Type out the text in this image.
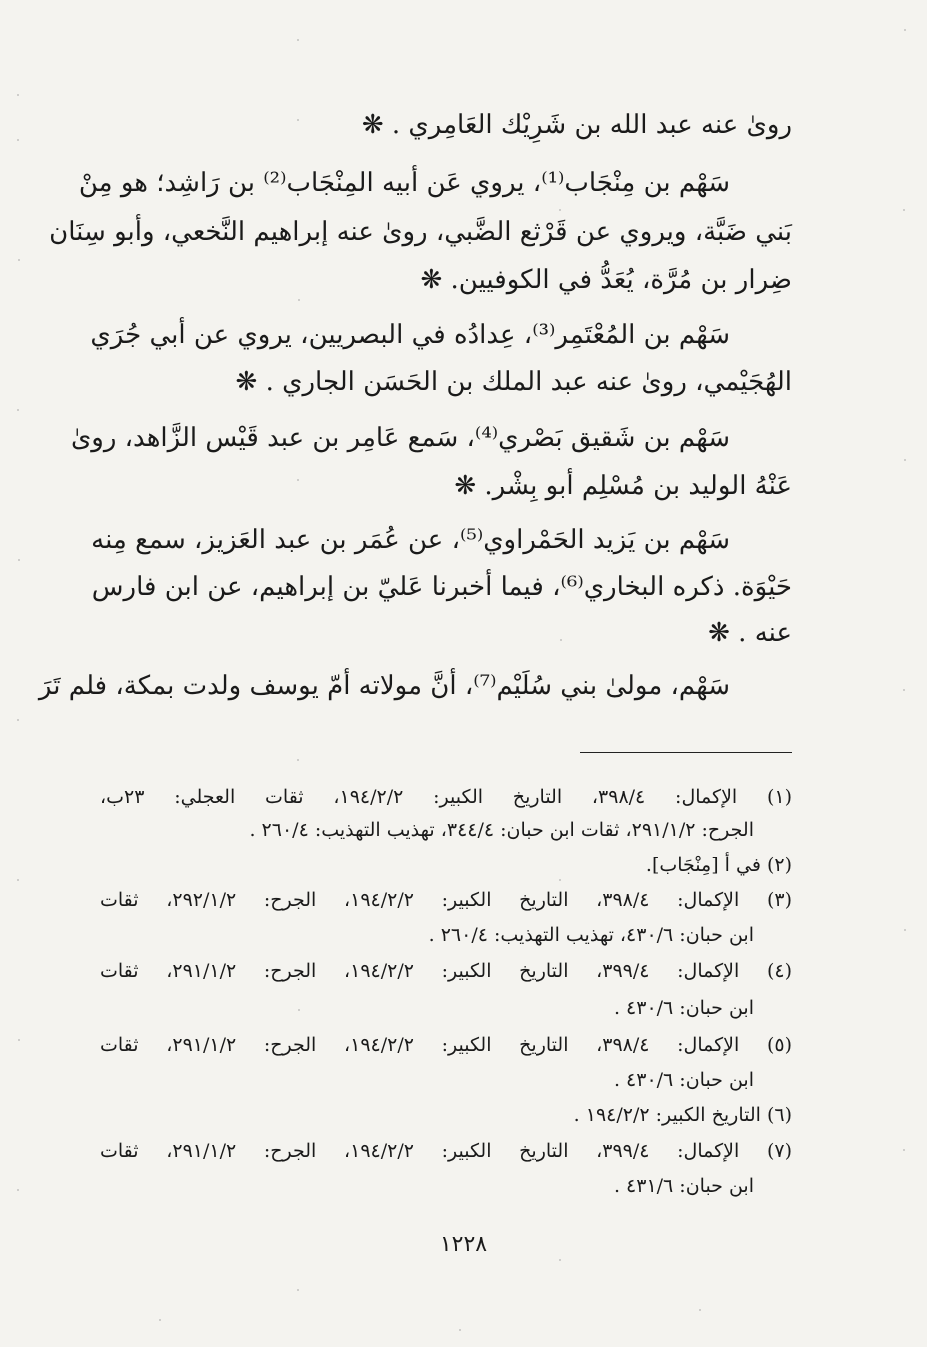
رویٰ عنه عبد الله بن شَرِيْك العَامِري . ❋
سَهْم بن مِنْجَاب⁽¹⁾، يروي عَن أبيه المِنْجَاب⁽²⁾ بن رَاشِد؛ هو مِنْ
بَني ضَبَّة، ويروي عن قَرْثع الضَّبي، رویٰ عنه إبراهيم النَّخعي، وأبو سِنَان
ضِرار بن مُرَّة، يُعَدُّ في الكوفيين. ❋
سَهْم بن المُعْتَمِر⁽³⁾، عِدادُه في البصريين، يروي عن أبي جُرَي
الهُجَيْمي، رویٰ عنه عبد الملك بن الحَسَن الجاري . ❋
سَهْم بن شَقيق بَصْري⁽⁴⁾، سَمع عَامِر بن عبد قَيْس الزَّاهد، رویٰ
عَنْهُ الوليد بن مُسْلِم أبو بِشْر. ❋
سَهْم بن يَزيد الحَمْراوي⁽⁵⁾، عن عُمَر بن عبد العَزيز، سمع مِنه
حَيْوَة. ذكره البخاري⁽⁶⁾، فيما أخبرنا عَليّ بن إبراهيم، عن ابن فارس
عنه . ❋
سَهْم، مولیٰ بني سُلَيْم⁽⁷⁾، أنَّ مولاته أمّ يوسف ولدت بمكة، فلم تَرَ
(١) الإكمال: ٣٩٨/٤، التاريخ الكبير: ١٩٤/٢/٢، ثقات العجلي: ٢٣ب،
الجرح: ٢٩١/١/٢، ثقات ابن حبان: ٣٤٤/٤، تهذيب التهذيب: ٢٦٠/٤ .
(٢) في أ [مِنْجَاب].
(٣) الإكمال: ٣٩٨/٤، التاريخ الكبير: ١٩٤/٢/٢، الجرح: ٢٩٢/١/٢، ثقات
ابن حبان: ٤٣٠/٦، تهذيب التهذيب: ٢٦٠/٤ .
(٤) الإكمال: ٣٩٩/٤، التاريخ الكبير: ١٩٤/٢/٢، الجرح: ٢٩١/١/٢، ثقات
ابن حبان: ٤٣٠/٦ .
(٥) الإكمال: ٣٩٨/٤، التاريخ الكبير: ١٩٤/٢/٢، الجرح: ٢٩١/١/٢، ثقات
ابن حبان: ٤٣٠/٦ .
(٦) التاريخ الكبير: ١٩٤/٢/٢ .
(٧) الإكمال: ٣٩٩/٤، التاريخ الكبير: ١٩٤/٢/٢، الجرح: ٢٩١/١/٢، ثقات
ابن حبان: ٤٣١/٦ .
١٢٢٨
